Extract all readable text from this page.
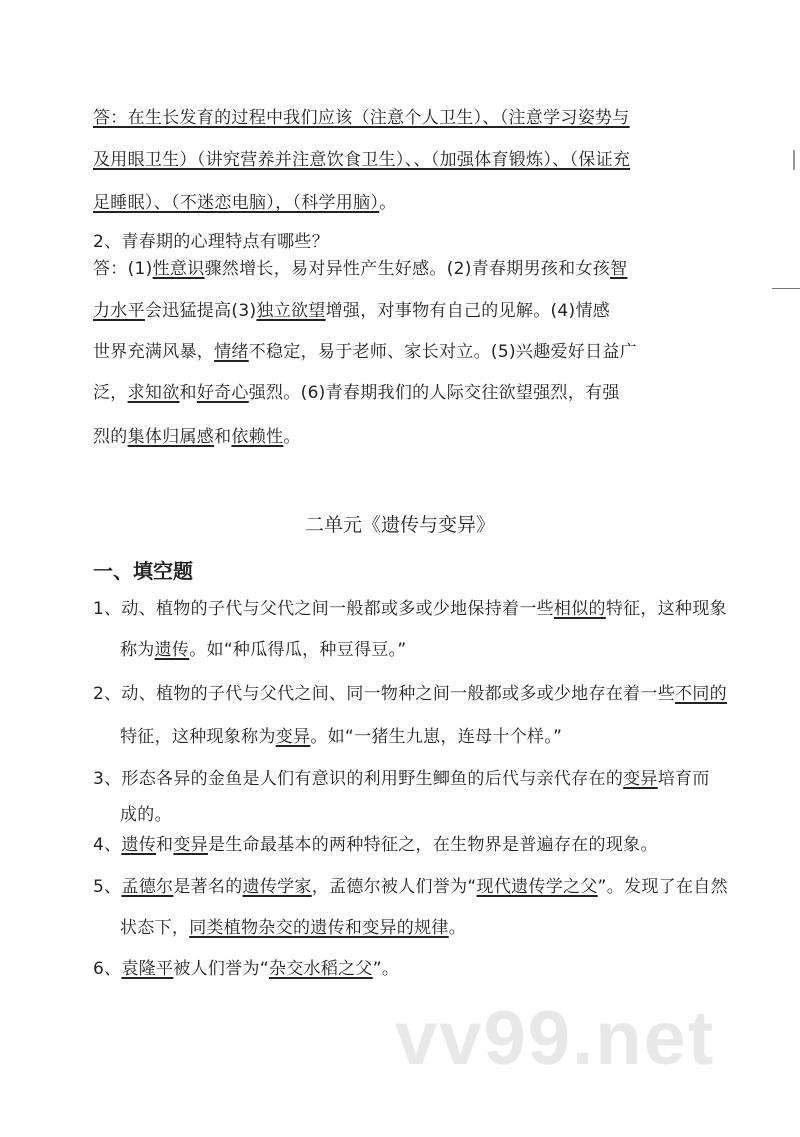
答：在生长发育的过程中我们应该（注意个人卫生）、（注意学习姿势与
及用眼卫生）（讲究营养并注意饮食卫生）、、（加强体育锻炼）、（保证充
足睡眠）、（不迷恋电脑），（科学用脑）。
2、青春期的心理特点有哪些？
答：(1)性意识骤然增长，易对异性产生好感。(2)青春期男孩和女孩智
力水平会迅猛提高(3)独立欲望增强，对事物有自己的见解。(4)情感
世界充满风暴，情绪不稳定，易于老师、家长对立。(5)兴趣爱好日益广
泛，求知欲和好奇心强烈。(6)青春期我们的人际交往欲望强烈，有强
烈的集体归属感和依赖性。
二单元《遗传与变异》
一、填空题
1、动、植物的子代与父代之间一般都或多或少地保持着一些相似的特征，这种现象
称为遗传。如“种瓜得瓜，种豆得豆。”
2、动、植物的子代与父代之间、同一物种之间一般都或多或少地存在着一些不同的
特征，这种现象称为变异。如“一猪生九崽，连母十个样。”
3、形态各异的金鱼是人们有意识的利用野生鲫鱼的后代与亲代存在的变异培育而
成的。
4、遗传和变异是生命最基本的两种特征之，在生物界是普遍存在的现象。
5、孟德尔是著名的遗传学家，孟德尔被人们誉为“现代遗传学之父”。发现了在自然
状态下，同类植物杂交的遗传和变异的规律。
6、袁隆平被人们誉为“杂交水稻之父”。
vv99.net
